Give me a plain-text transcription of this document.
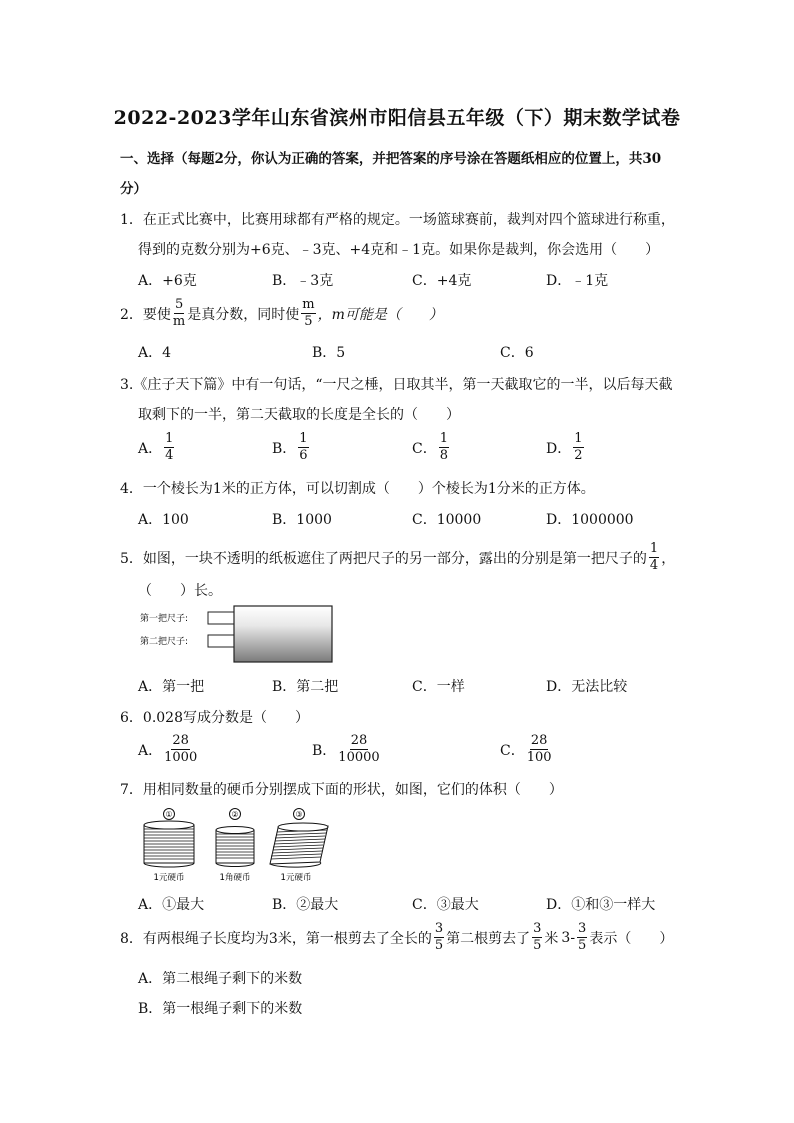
2022-2023学年山东省滨州市阳信县五年级（下）期末数学试卷
一、选择（每题2分，你认为正确的答案，并把答案的序号涂在答题纸相应的位置上，共30
分）
1．在正式比赛中，比赛用球都有严格的规定。一场篮球赛前，裁判对四个篮球进行称重，
得到的克数分别为+6克、﹣3克、+4克和﹣1克。如果你是裁判，你会选用（　　）
A．+6克	B．﹣3克	C．+4克	D．﹣1克
2．要使 $\frac{5}{m}$ 是真分数，同时使 $\frac{m}{5}$ ，m可能是（　　）
A．4	B．5	C．6
3.《庄子天下篇》中有一句话，“一尺之棰，日取其半，第一天截取它的一半，以后每天截
取剩下的一半，第二天截取的长度是全长的（　　）
A． $\frac{1}{4}$	B． $\frac{1}{6}$	C． $\frac{1}{8}$	D． $\frac{1}{2}$
4．一个棱长为1米的正方体，可以切割成（　　）个棱长为1分米的正方体。
A．100	B．1000	C．10000	D．1000000
5．如图，一块不透明的纸板遮住了两把尺子的另一部分，露出的分别是第一把尺子的 $\frac{1}{4}$ ，
（　　）长。
第一把尺子:
第二把尺子:
A．第一把	B．第二把	C．一样	D．无法比较
6．0.028写成分数是（　　）
A． $\frac{28}{1000}$	B． $\frac{28}{10000}$	C． $\frac{28}{100}$
7．用相同数量的硬币分别摆成下面的形状，如图，它们的体积（　　）
①	②	③
1元硬币	1角硬币	1元硬币
A．①最大	B．②最大	C．③最大	D．①和③一样大
8．有两根绳子长度均为3米，第一根剪去了全长的 $\frac{3}{5}$ 第二根剪去了 $\frac{3}{5}$ 米 $3 - \frac{3}{5}$ 表示（　　）
A．第二根绳子剩下的米数
B．第一根绳子剩下的米数
